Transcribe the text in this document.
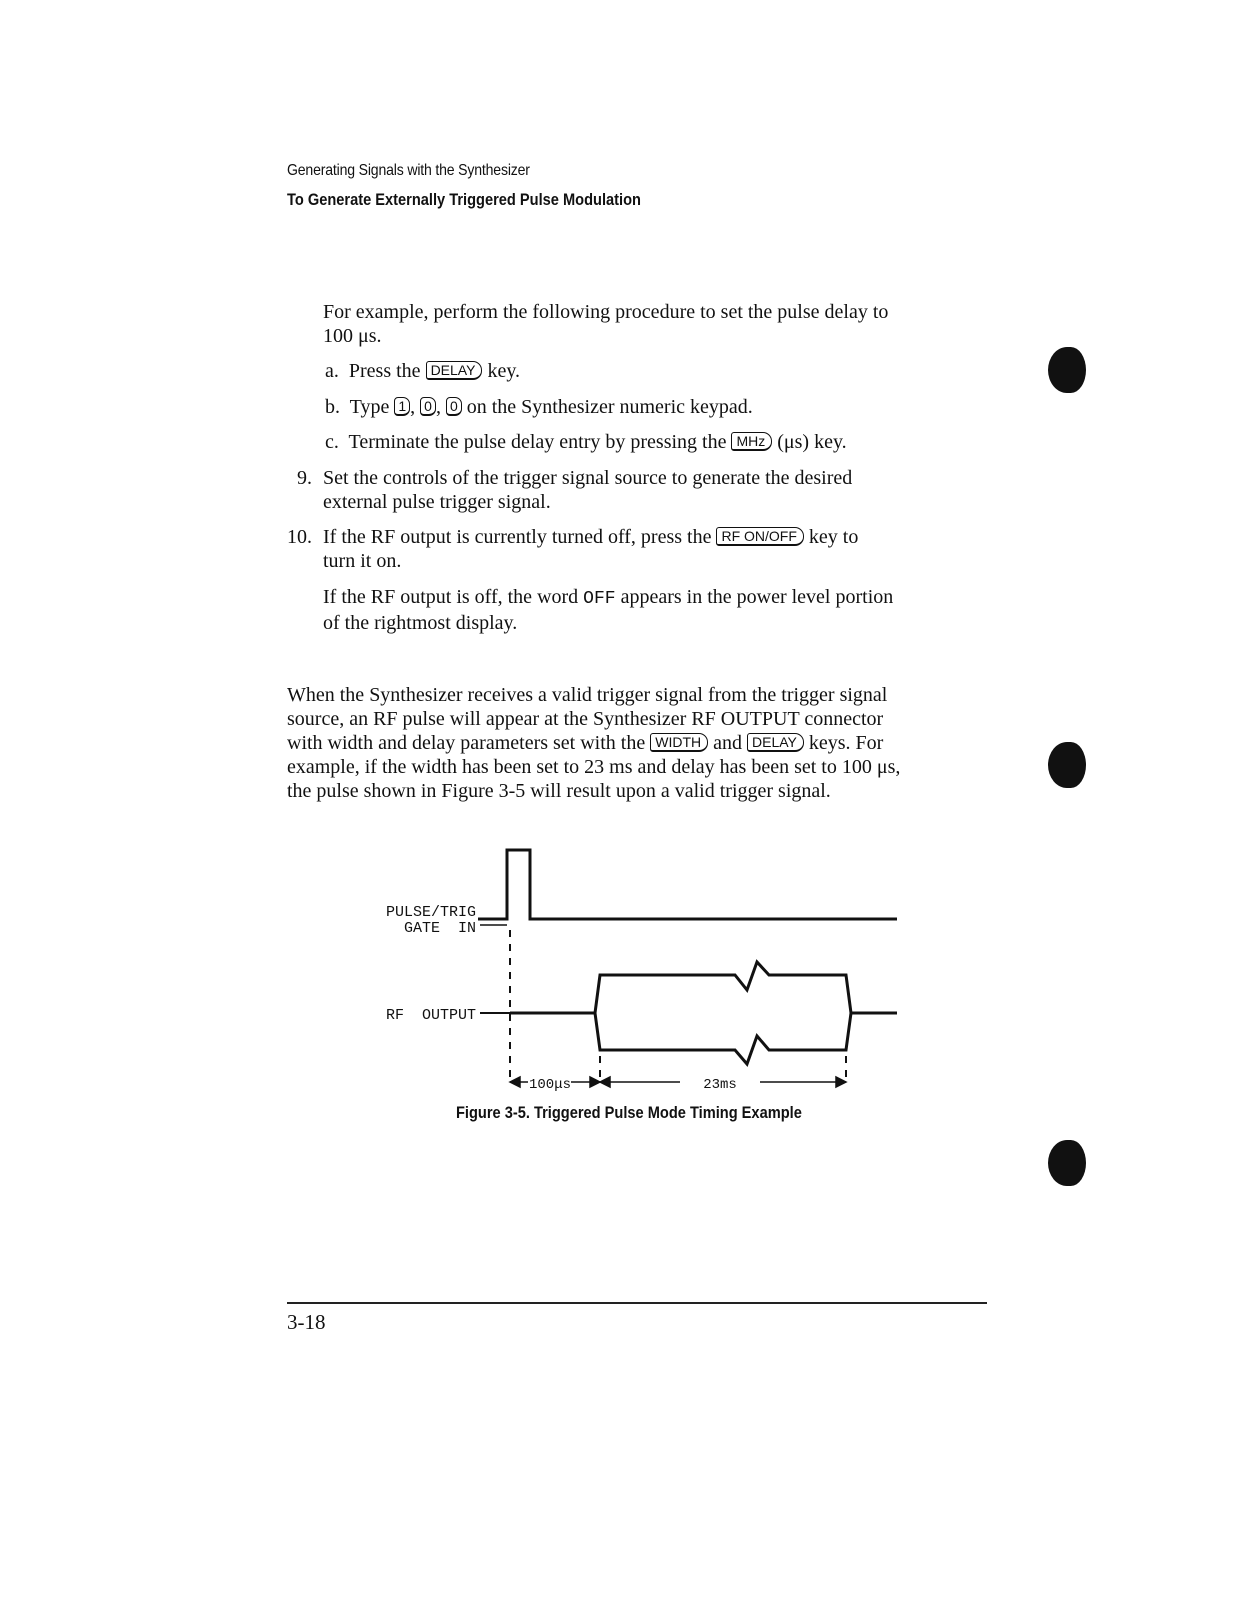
Generating Signals with the Synthesizer
To Generate Externally Triggered Pulse Modulation
For example, perform the following procedure to set the pulse delay to
100 μs.
a. Press the DELAY key.
b. Type 1 , 0 , 0 on the Synthesizer numeric keypad.
c. Terminate the pulse delay entry by pressing the MHz (μs) key.
9. Set the controls of the trigger signal source to generate the desired
external pulse trigger signal.
10. If the RF output is currently turned off, press the RF ON/OFF key to
turn it on.
If the RF output is off, the word OFF appears in the power level portion
of the rightmost display.
When the Synthesizer receives a valid trigger signal from the trigger signal
source, an RF pulse will appear at the Synthesizer RF OUTPUT connector
with width and delay parameters set with the WIDTH and DELAY keys. For
example, if the width has been set to 23 ms and delay has been set to 100 μs,
the pulse shown in Figure 3-5 will result upon a valid trigger signal.
PULSE/TRIG
GATE  IN
RF  OUTPUT
100μs	23ms
Figure 3-5. Triggered Pulse Mode Timing Example
3-18
